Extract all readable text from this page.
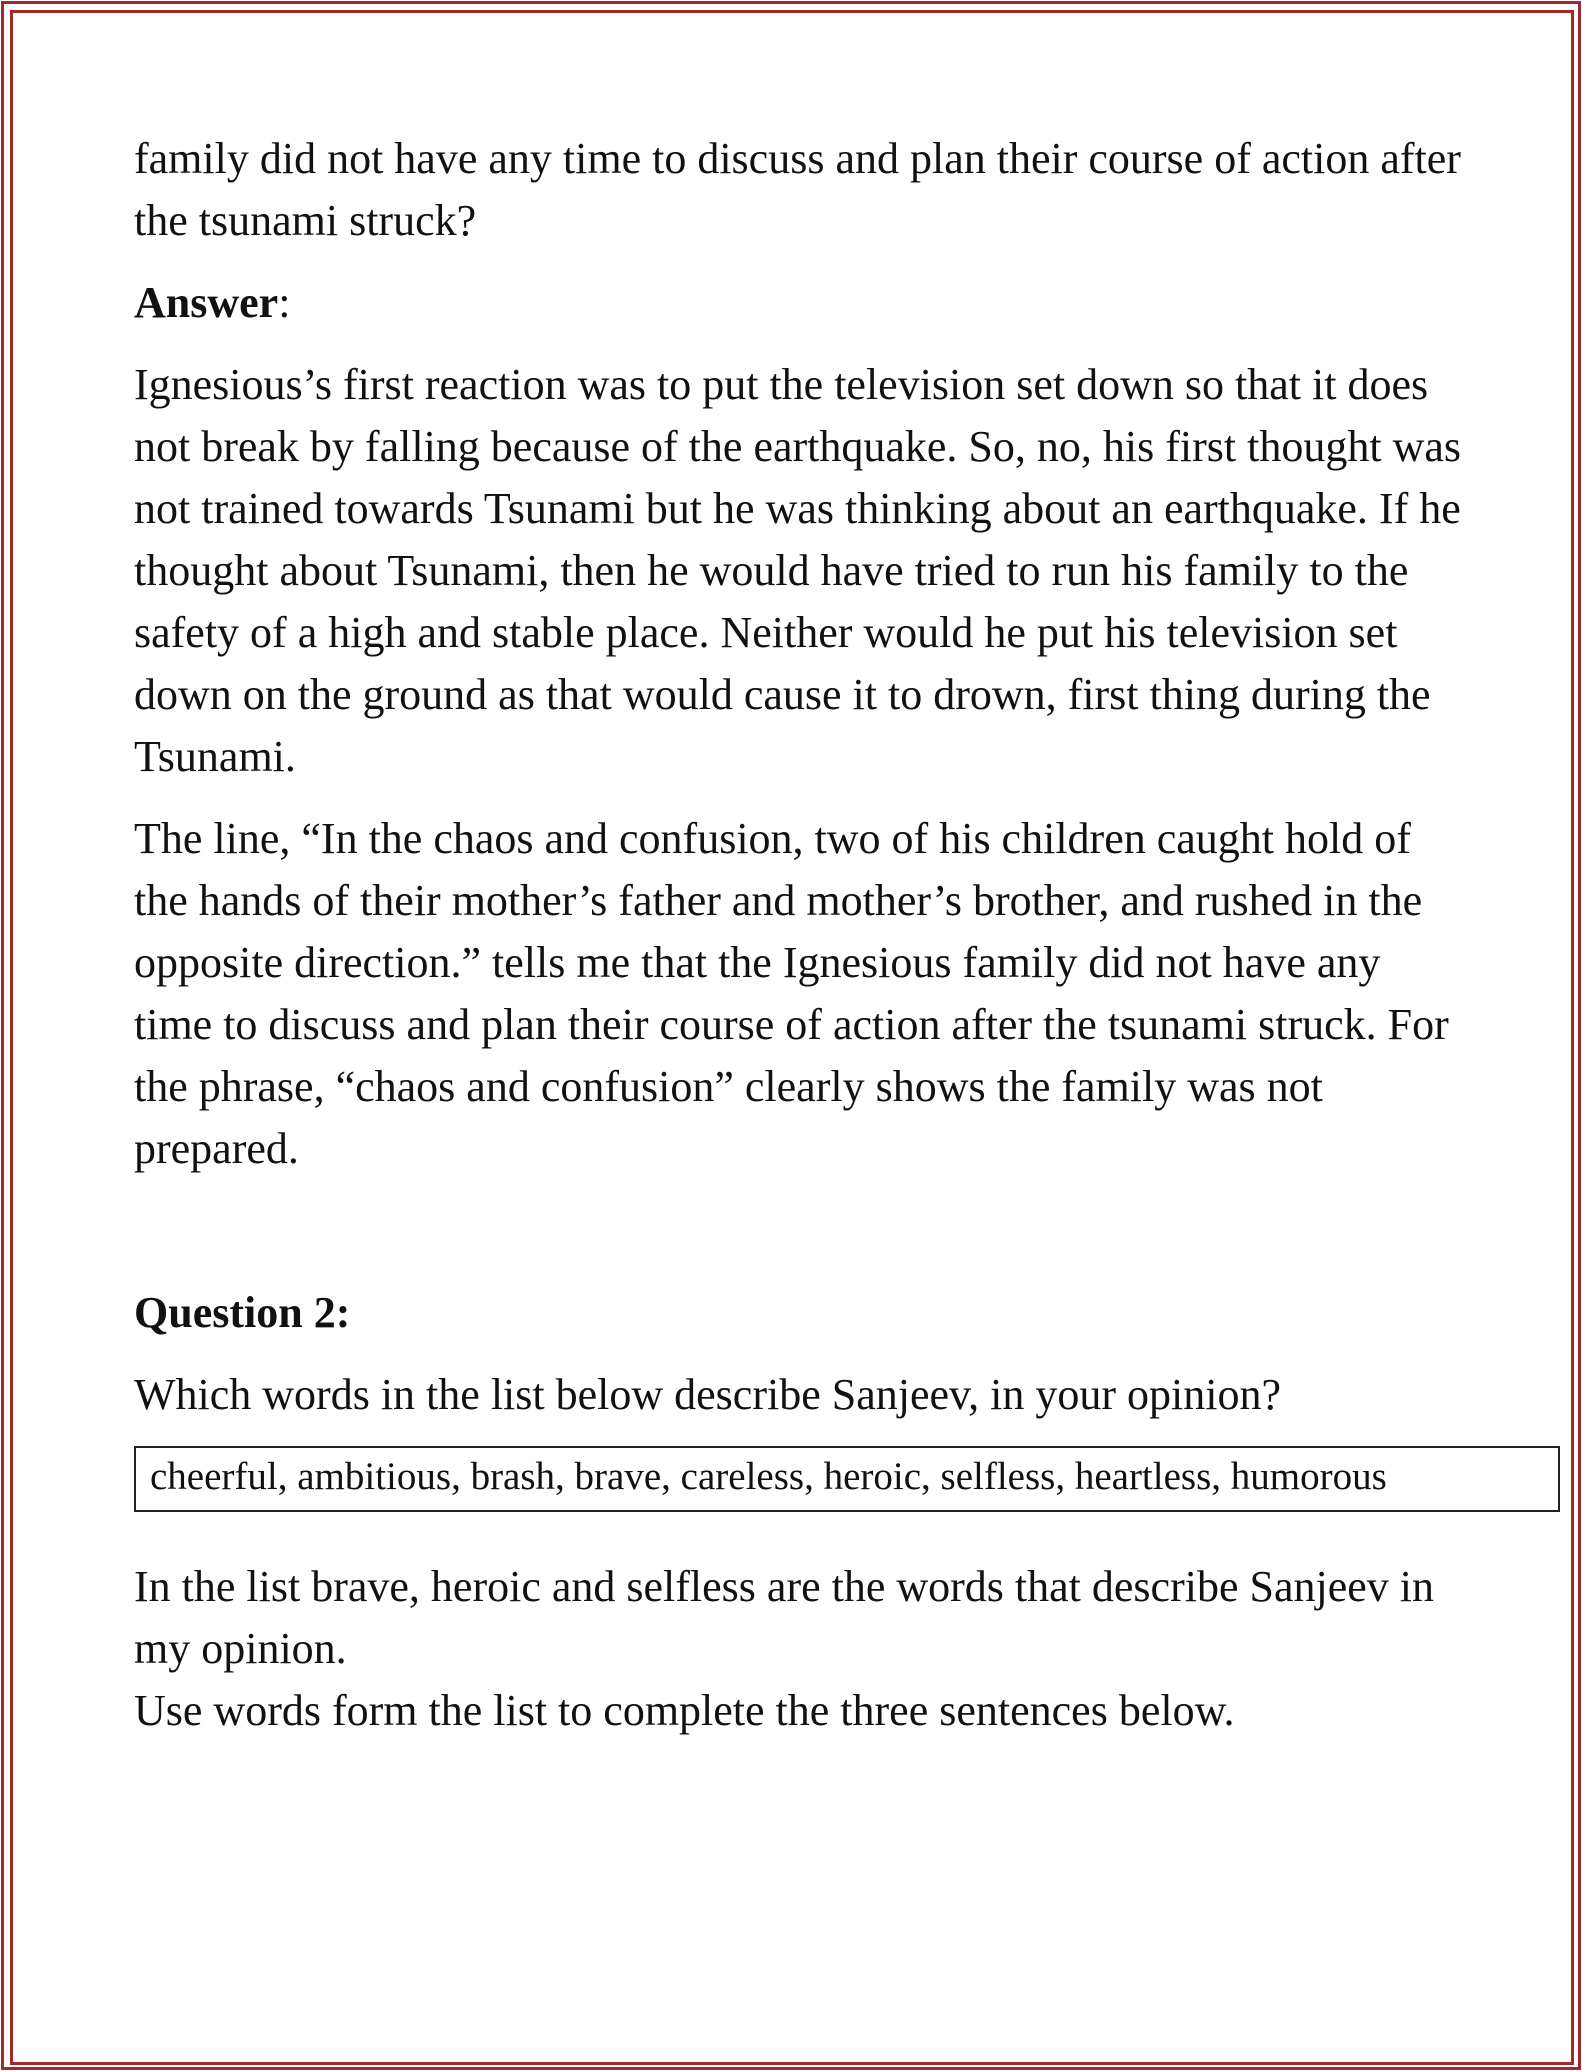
family did not have any time to discuss and plan their course of action after the tsunami struck?

Answer:

Ignesious’s first reaction was to put the television set down so that it does not break by falling because of the earthquake. So, no, his first thought was not trained towards Tsunami but he was thinking about an earthquake. If he thought about Tsunami, then he would have tried to run his family to the safety of a high and stable place. Neither would he put his television set down on the ground as that would cause it to drown, first thing during the Tsunami.

The line, “In the chaos and confusion, two of his children caught hold of the hands of their mother’s father and mother’s brother, and rushed in the opposite direction.” tells me that the Ignesious family did not have any time to discuss and plan their course of action after the tsunami struck. For the phrase, “chaos and confusion” clearly shows the family was not prepared.

Question 2:

Which words in the list below describe Sanjeev, in your opinion?

cheerful, ambitious, brash, brave, careless, heroic, selfless, heartless, humorous

In the list brave, heroic and selfless are the words that describe Sanjeev in my opinion.

Use words form the list to complete the three sentences below.
